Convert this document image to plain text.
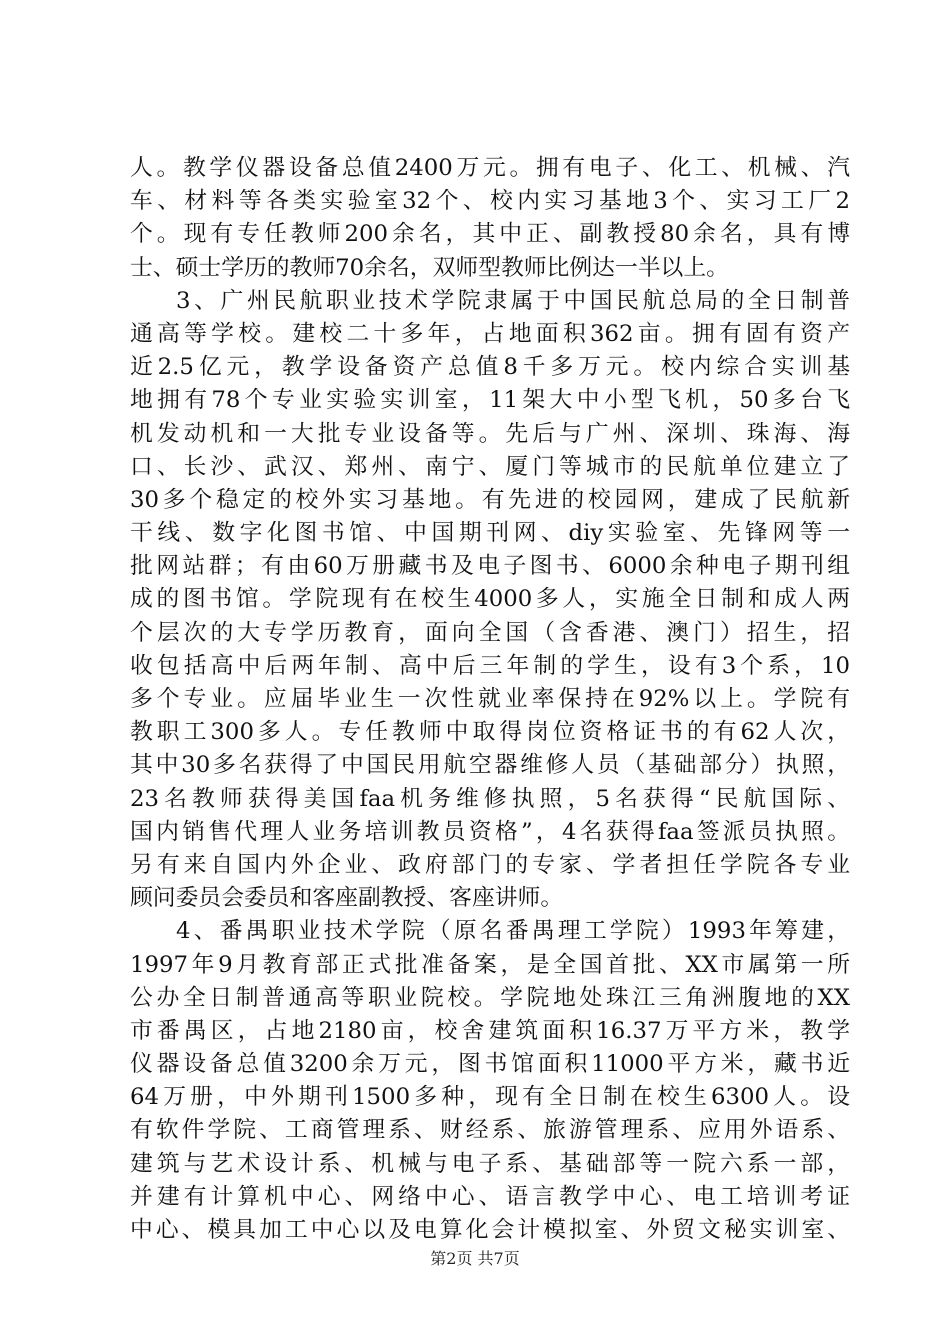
人。教学仪器设备总值2400万元。拥有电子、化工、机械、汽
车、材料等各类实验室32个、校内实习基地3个、实习工厂2
个。现有专任教师200余名，其中正、副教授80余名，具有博
士、硕士学历的教师70余名，双师型教师比例达一半以上。
3、广州民航职业技术学院隶属于中国民航总局的全日制普
通高等学校。建校二十多年，占地面积362亩。拥有固有资产
近2.5亿元，教学设备资产总值8千多万元。校内综合实训基
地拥有78个专业实验实训室，11架大中小型飞机，50多台飞
机发动机和一大批专业设备等。先后与广州、深圳、珠海、海
口、长沙、武汉、郑州、南宁、厦门等城市的民航单位建立了
30多个稳定的校外实习基地。有先进的校园网，建成了民航新
干线、数字化图书馆、中国期刊网、diy实验室、先锋网等一
批网站群；有由60万册藏书及电子图书、6000余种电子期刊组
成的图书馆。学院现有在校生4000多人，实施全日制和成人两
个层次的大专学历教育，面向全国（含香港、澳门）招生，招
收包括高中后两年制、高中后三年制的学生，设有3个系，10
多个专业。应届毕业生一次性就业率保持在92%以上。学院有
教职工300多人。专任教师中取得岗位资格证书的有62人次，
其中30多名获得了中国民用航空器维修人员（基础部分）执照，
23名教师获得美国faa机务维修执照，5名获得“民航国际、
国内销售代理人业务培训教员资格”，4名获得faa签派员执照。
另有来自国内外企业、政府部门的专家、学者担任学院各专业
顾问委员会委员和客座副教授、客座讲师。
4、番禺职业技术学院（原名番禺理工学院）1993年筹建，
1997年9月教育部正式批准备案，是全国首批、XX市属第一所
公办全日制普通高等职业院校。学院地处珠江三角洲腹地的XX
市番禺区，占地2180亩，校舍建筑面积16.37万平方米，教学
仪器设备总值3200余万元，图书馆面积11000平方米，藏书近
64万册，中外期刊1500多种，现有全日制在校生6300人。设
有软件学院、工商管理系、财经系、旅游管理系、应用外语系、
建筑与艺术设计系、机械与电子系、基础部等一院六系一部，
并建有计算机中心、网络中心、语言教学中心、电工培训考证
中心、模具加工中心以及电算化会计模拟室、外贸文秘实训室、
第2页 共7页
